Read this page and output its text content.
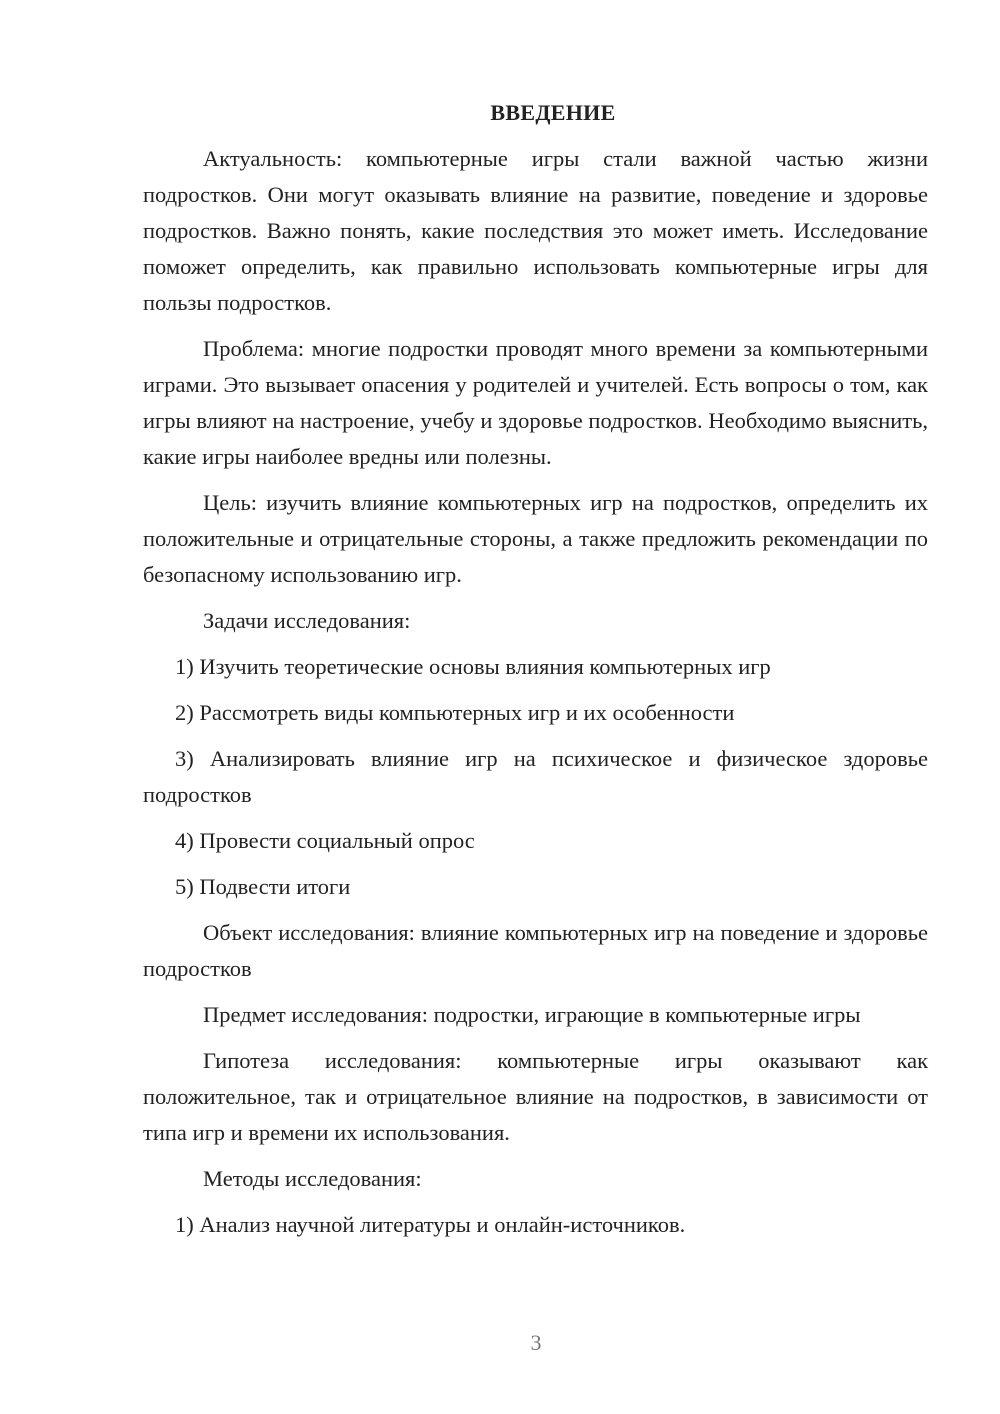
ВВЕДЕНИЕ

Актуальность: компьютерные игры стали важной частью жизни подростков. Они могут оказывать влияние на развитие, поведение и здоровье подростков. Важно понять, какие последствия это может иметь. Исследование поможет определить, как правильно использовать компьютерные игры для пользы подростков.

Проблема: многие подростки проводят много времени за компьютерными играми. Это вызывает опасения у родителей и учителей. Есть вопросы о том, как игры влияют на настроение, учебу и здоровье подростков. Необходимо выяснить, какие игры наиболее вредны или полезны.

Цель: изучить влияние компьютерных игр на подростков, определить их положительные и отрицательные стороны, а также предложить рекомендации по безопасному использованию игр.

Задачи исследования:

1) Изучить теоретические основы влияния компьютерных игр

2) Рассмотреть виды компьютерных игр и их особенности

3) Анализировать влияние игр на психическое и физическое здоровье подростков

4) Провести социальный опрос

5) Подвести итоги

Объект исследования: влияние компьютерных игр на поведение и здоровье подростков

Предмет исследования: подростки, играющие в компьютерные игры

Гипотеза исследования: компьютерные игры оказывают как положительное, так и отрицательное влияние на подростков, в зависимости от типа игр и времени их использования.

Методы исследования:

1) Анализ научной литературы и онлайн-источников.

3
